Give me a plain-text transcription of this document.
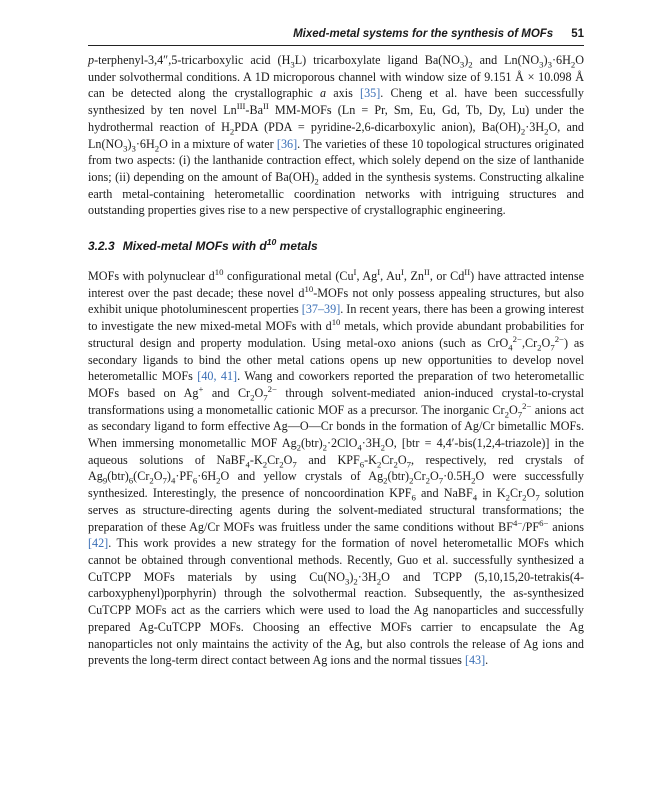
Mixed-metal systems for the synthesis of MOFs 51

p-terphenyl-3,4″,5-tricarboxylic acid $(H_3L)$ tricarboxylate ligand $Ba(NO_3)_2$ and $Ln(NO_3)_3\cdot 6H_2O$ under solvothermal conditions. A 1D microporous channel with window size of 9.151 Å × 10.098 Å can be detected along the crystallographic a axis [35]. Cheng et al. have been successfully synthesized by ten novel $Ln^{III}-Ba^{II}$ MM-MOFs (Ln = Pr, Sm, Eu, Gd, Tb, Dy, Lu) under the hydrothermal reaction of $H_2PDA$ (PDA = pyridine-2,6-dicarboxylic anion), $Ba(OH)_2\cdot 3H_2O$, and $Ln(NO_3)_3\cdot 6H_2O$ in a mixture of water [36]. The varieties of these 10 topological structures originated from two aspects: (i) the lanthanide contraction effect, which solely depend on the size of lanthanide ions; (ii) depending on the amount of $Ba(OH)_2$ added in the synthesis systems. Constructing alkaline earth metal-containing heterometallic coordination networks with intriguing structures and outstanding properties gives rise to a new perspective of crystallographic engineering.

3.2.3 Mixed-metal MOFs with $d^{10}$ metals

MOFs with polynuclear $d^{10}$ configurational metal ($Cu^I$, $Ag^I$, $Au^I$, $Zn^{II}$, or $Cd^{II}$) have attracted intense interest over the past decade; these novel $d^{10}$-MOFs not only possess appealing structures, but also exhibit unique photoluminescent properties [37–39]. In recent years, there has been a growing interest to investigate the new mixed-metal MOFs with $d^{10}$ metals, which provide abundant probabilities for structural design and property modulation. Using metal-oxo anions (such as $CrO_4^{2-},Cr_2O_7^{2-}$) as secondary ligands to bind the other metal cations opens up new opportunities to develop novel heterometallic MOFs [40, 41]. Wang and coworkers reported the preparation of two heterometallic MOFs based on Ag+ and $Cr_2O_7^{2-}$ through solvent-mediated anion-induced crystal-to-crystal transformations using a monometallic cationic MOF as a precursor. The inorganic $Cr_2O_7^{2-}$ anions act as secondary ligand to form effective Ag—O—Cr bonds in the formation of Ag/Cr bimetallic MOFs. When immersing monometallic MOF $Ag_2(btr)_2\cdot 2ClO_4\cdot 3H_2O$, [btr = 4,4′-bis(1,2,4-triazole)] in the aqueous solutions of $NaBF_4-K_2Cr_2O_7$ and $KPF_6-K_2Cr_2O_7$, respectively, red crystals of $Ag_9(btr)_6(Cr_2O_7)_4\cdot PF_6\cdot 6H_2O$ and yellow crystals of $Ag_2(btr)_2Cr_2O_7\cdot 0.5H_2O$ were successfully synthesized. Interestingly, the presence of noncoordination $KPF_6$ and NaBF$_4$ in $K_2Cr_2O_7$ solution serves as structure-directing agents during the solvent-mediated structural transformations; the preparation of these Ag/Cr MOFs was fruitless under the same conditions without $BF^{4-}/PF^{6-}$ anions [42]. This work provides a new strategy for the formation of novel heterometallic MOFs which cannot be obtained through conventional methods. Recently, Guo et al. successfully synthesized a CuTCPP MOFs materials by using $Cu(NO_3)_2\cdot 3H_2O$ and TCPP (5,10,15,20-tetrakis(4-carboxyphenyl)porphyrin) through the solvothermal reaction. Subsequently, the as-synthesized CuTCPP MOFs act as the carriers which were used to load the Ag nanoparticles and successfully prepared Ag-CuTCPP MOFs. Choosing an effective MOFs carrier to encapsulate the Ag nanoparticles not only maintains the activity of the Ag, but also controls the release of Ag ions and prevents the long-term direct contact between Ag ions and the normal tissues [43].
